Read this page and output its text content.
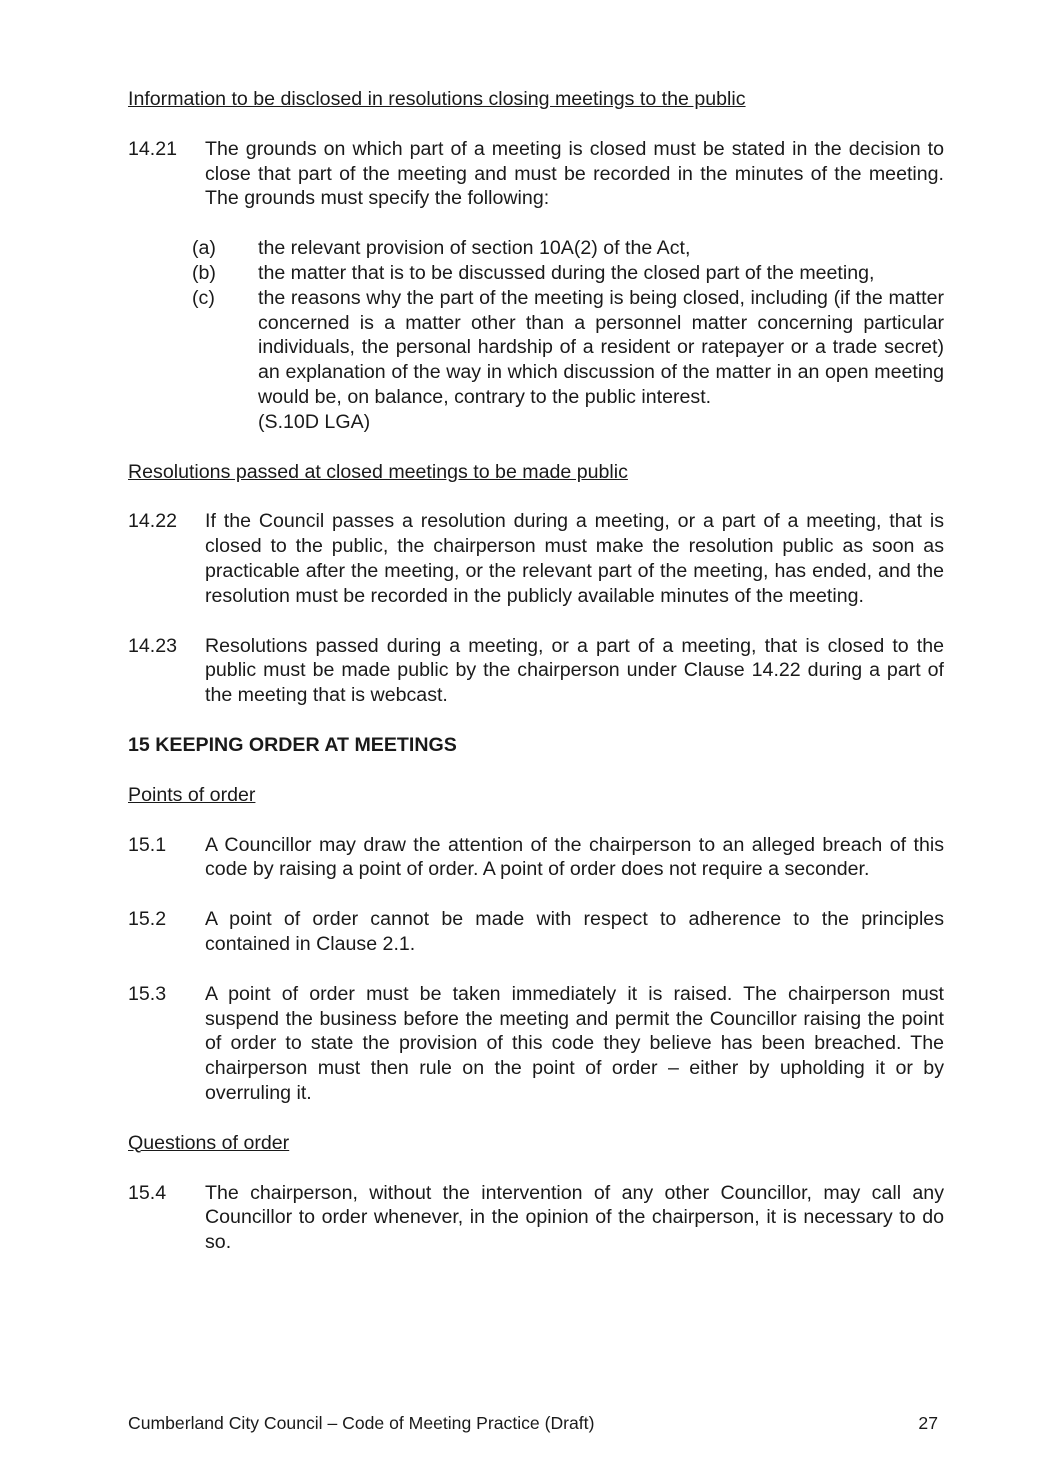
Information to be disclosed in resolutions closing meetings to the public

14.21	The grounds on which part of a meeting is closed must be stated in the decision to close that part of the meeting and must be recorded in the minutes of the meeting. The grounds must specify the following:
(a)	the relevant provision of section 10A(2) of the Act,
(b)	the matter that is to be discussed during the closed part of the meeting,
(c)	the reasons why the part of the meeting is being closed, including (if the matter concerned is a matter other than a personnel matter concerning particular individuals, the personal hardship of a resident or ratepayer or a trade secret) an explanation of the way in which discussion of the matter in an open meeting would be, on balance, contrary to the public interest.
(S.10D LGA)

Resolutions passed at closed meetings to be made public

14.22	If the Council passes a resolution during a meeting, or a part of a meeting, that is closed to the public, the chairperson must make the resolution public as soon as practicable after the meeting, or the relevant part of the meeting, has ended, and the resolution must be recorded in the publicly available minutes of the meeting.
14.23	Resolutions passed during a meeting, or a part of a meeting, that is closed to the public must be made public by the chairperson under Clause 14.22 during a part of the meeting that is webcast.

15 KEEPING ORDER AT MEETINGS

Points of order

15.1	A Councillor may draw the attention of the chairperson to an alleged breach of this code by raising a point of order. A point of order does not require a seconder.
15.2	A point of order cannot be made with respect to adherence to the principles contained in Clause 2.1.
15.3	A point of order must be taken immediately it is raised. The chairperson must suspend the business before the meeting and permit the Councillor raising the point of order to state the provision of this code they believe has been breached. The chairperson must then rule on the point of order – either by upholding it or by overruling it.

Questions of order

15.4	The chairperson, without the intervention of any other Councillor, may call any Councillor to order whenever, in the opinion of the chairperson, it is necessary to do so.
Cumberland City Council – Code of Meeting Practice (Draft)	27
